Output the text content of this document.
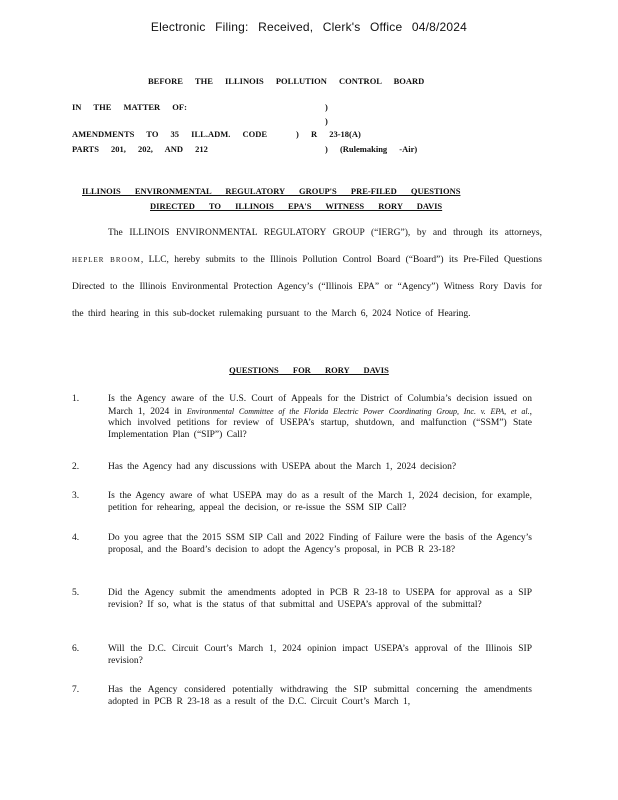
Electronic Filing: Received, Clerk's Office 04/8/2024
BEFORE THE ILLINOIS POLLUTION CONTROL BOARD
IN THE MATTER OF:	)
)
AMENDMENTS TO 35 ILL.ADM. CODE	) R 23-18(A)
PARTS 201, 202, AND 212	) (Rulemaking -Air)
ILLINOIS ENVIRONMENTAL REGULATORY GROUP'S PRE-FILED QUESTIONS
DIRECTED TO ILLINOIS EPA'S WITNESS RORY DAVIS
The ILLINOIS ENVIRONMENTAL REGULATORY GROUP (“IERG”), by and through its attorneys, HEPLER BROOM, LLC, hereby submits to the Illinois Pollution Control Board (“Board”) its Pre-Filed Questions Directed to the Illinois Environmental Protection Agency’s (“Illinois EPA” or “Agency”) Witness Rory Davis for the third hearing in this sub-docket rulemaking pursuant to the March 6, 2024 Notice of Hearing.
QUESTIONS FOR RORY DAVIS
1.	Is the Agency aware of the U.S. Court of Appeals for the District of Columbia’s decision issued on March 1, 2024 in Environmental Committee of the Florida Electric Power Coordinating Group, Inc. v. EPA, et al., which involved petitions for review of USEPA’s startup, shutdown, and malfunction (“SSM”) State Implementation Plan (“SIP”) Call?
2.	Has the Agency had any discussions with USEPA about the March 1, 2024 decision?
3.	Is the Agency aware of what USEPA may do as a result of the March 1, 2024 decision, for example, petition for rehearing, appeal the decision, or re-issue the SSM SIP Call?
4.	Do you agree that the 2015 SSM SIP Call and 2022 Finding of Failure were the basis of the Agency’s proposal, and the Board’s decision to adopt the Agency’s proposal, in PCB R 23-18?
5.	Did the Agency submit the amendments adopted in PCB R 23-18 to USEPA for approval as a SIP revision? If so, what is the status of that submittal and USEPA’s approval of the submittal?
6.	Will the D.C. Circuit Court’s March 1, 2024 opinion impact USEPA’s approval of the Illinois SIP revision?
7.	Has the Agency considered potentially withdrawing the SIP submittal concerning the amendments adopted in PCB R 23-18 as a result of the D.C. Circuit Court’s March 1,
